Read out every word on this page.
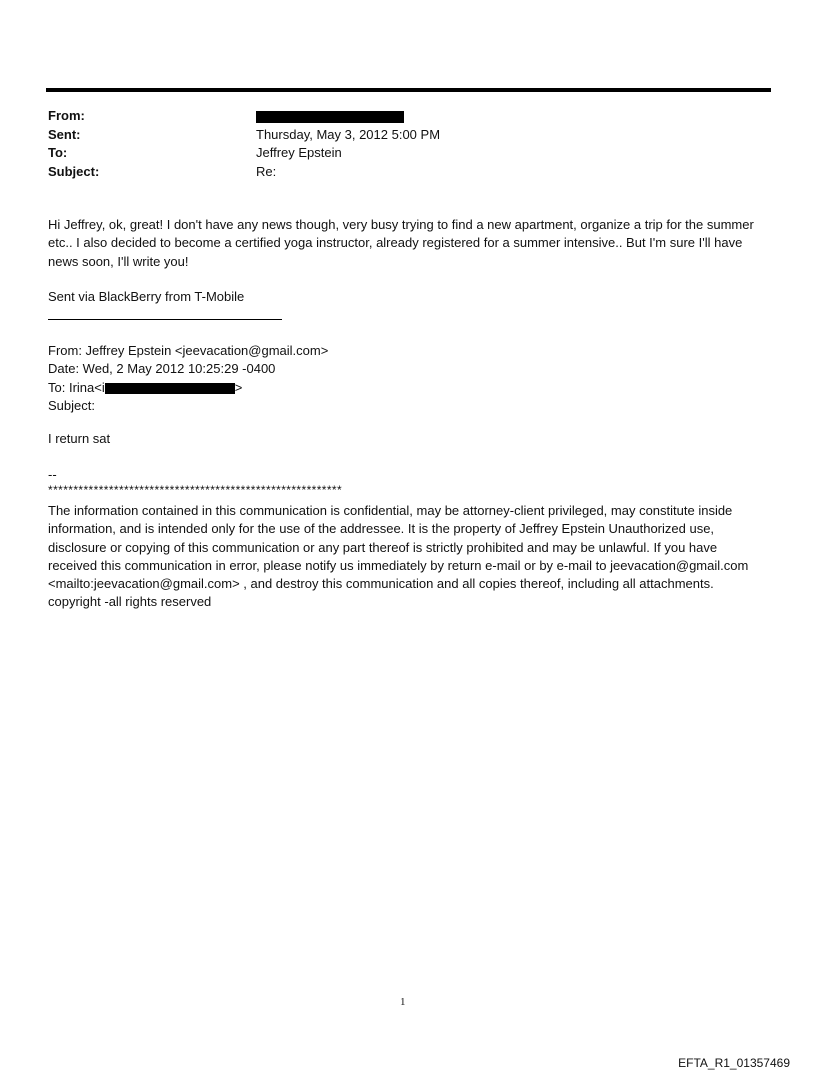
From:
Sent:	Thursday, May 3, 2012 5:00 PM
To:	Jeffrey Epstein
Subject:	Re:
Hi Jeffrey, ok, great! I don't have any news though, very busy trying to find a new apartment, organize a trip for the summer etc.. I also decided to become a certified yoga instructor, already registered for a summer intensive.. But I'm sure I'll have news soon, I'll write you!
Sent via BlackBerry from T-Mobile
From: Jeffrey Epstein <jeevacation@gmail.com>
Date: Wed, 2 May 2012 10:25:29 -0400
To: Irina<i	>
Subject:
I return sat
--
**********************************************************
The information contained in this communication is confidential, may be attorney-client privileged, may constitute inside information, and is intended only for the use of the addressee. It is the property of Jeffrey Epstein Unauthorized use, disclosure or copying of this communication or any part thereof is strictly prohibited and may be unlawful. If you have received this communication in error, please notify us immediately by return e-mail or by e-mail to jeevacation@gmail.com <mailto:jeevacation@gmail.com> , and destroy this communication and all copies thereof, including all attachments. copyright -all rights reserved
1
EFTA_R1_01357469
